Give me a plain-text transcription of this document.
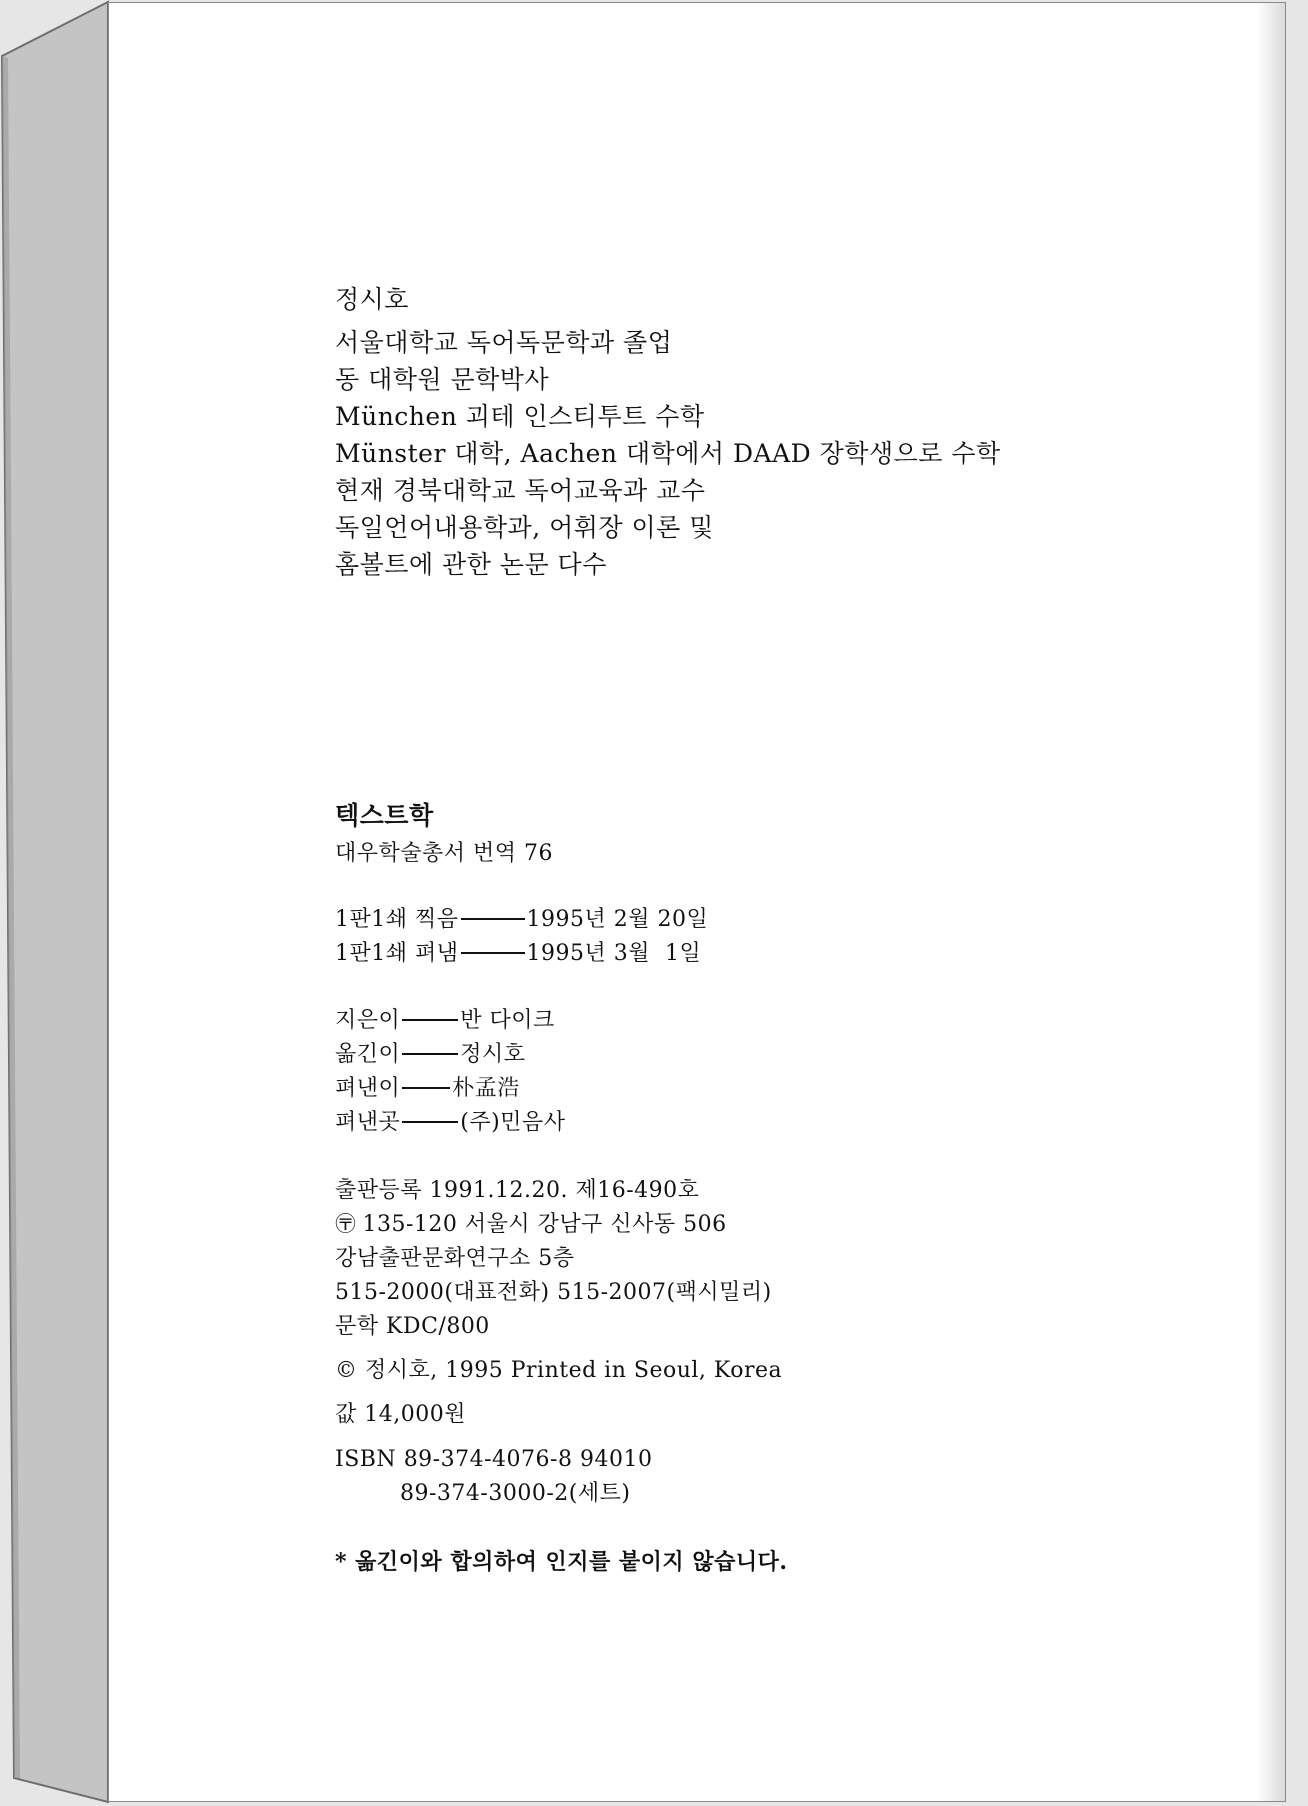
정시호
서울대학교 독어독문학과 졸업
동 대학원 문학박사
München 괴테 인스티투트 수학
Münster 대학, Aachen 대학에서 DAAD 장학생으로 수학
현재 경북대학교 독어교육과 교수
독일언어내용학과, 어휘장 이론 및
홈볼트에 관한 논문 다수
텍스트학
대우학술총서 번역 76
1판1쇄 찍음	1995년 2월 20일
1판1쇄 펴냄	1995년 3월  1일
지은이	반 다이크
옮긴이	정시호
펴낸이 朴孟浩
펴낸곳	(주)민음사
출판등록 1991.12.20. 제16-490호
〶 135-120 서울시 강남구 신사동 506
강남출판문화연구소 5층
515-2000(대표전화) 515-2007(팩시밀리)
문학 KDC/800
© 정시호, 1995 Printed in Seoul, Korea
값 14,000원
ISBN 89-374-4076-8 94010
89-374-3000-2(세트)
* 옮긴이와 합의하여 인지를 붙이지 않습니다.
